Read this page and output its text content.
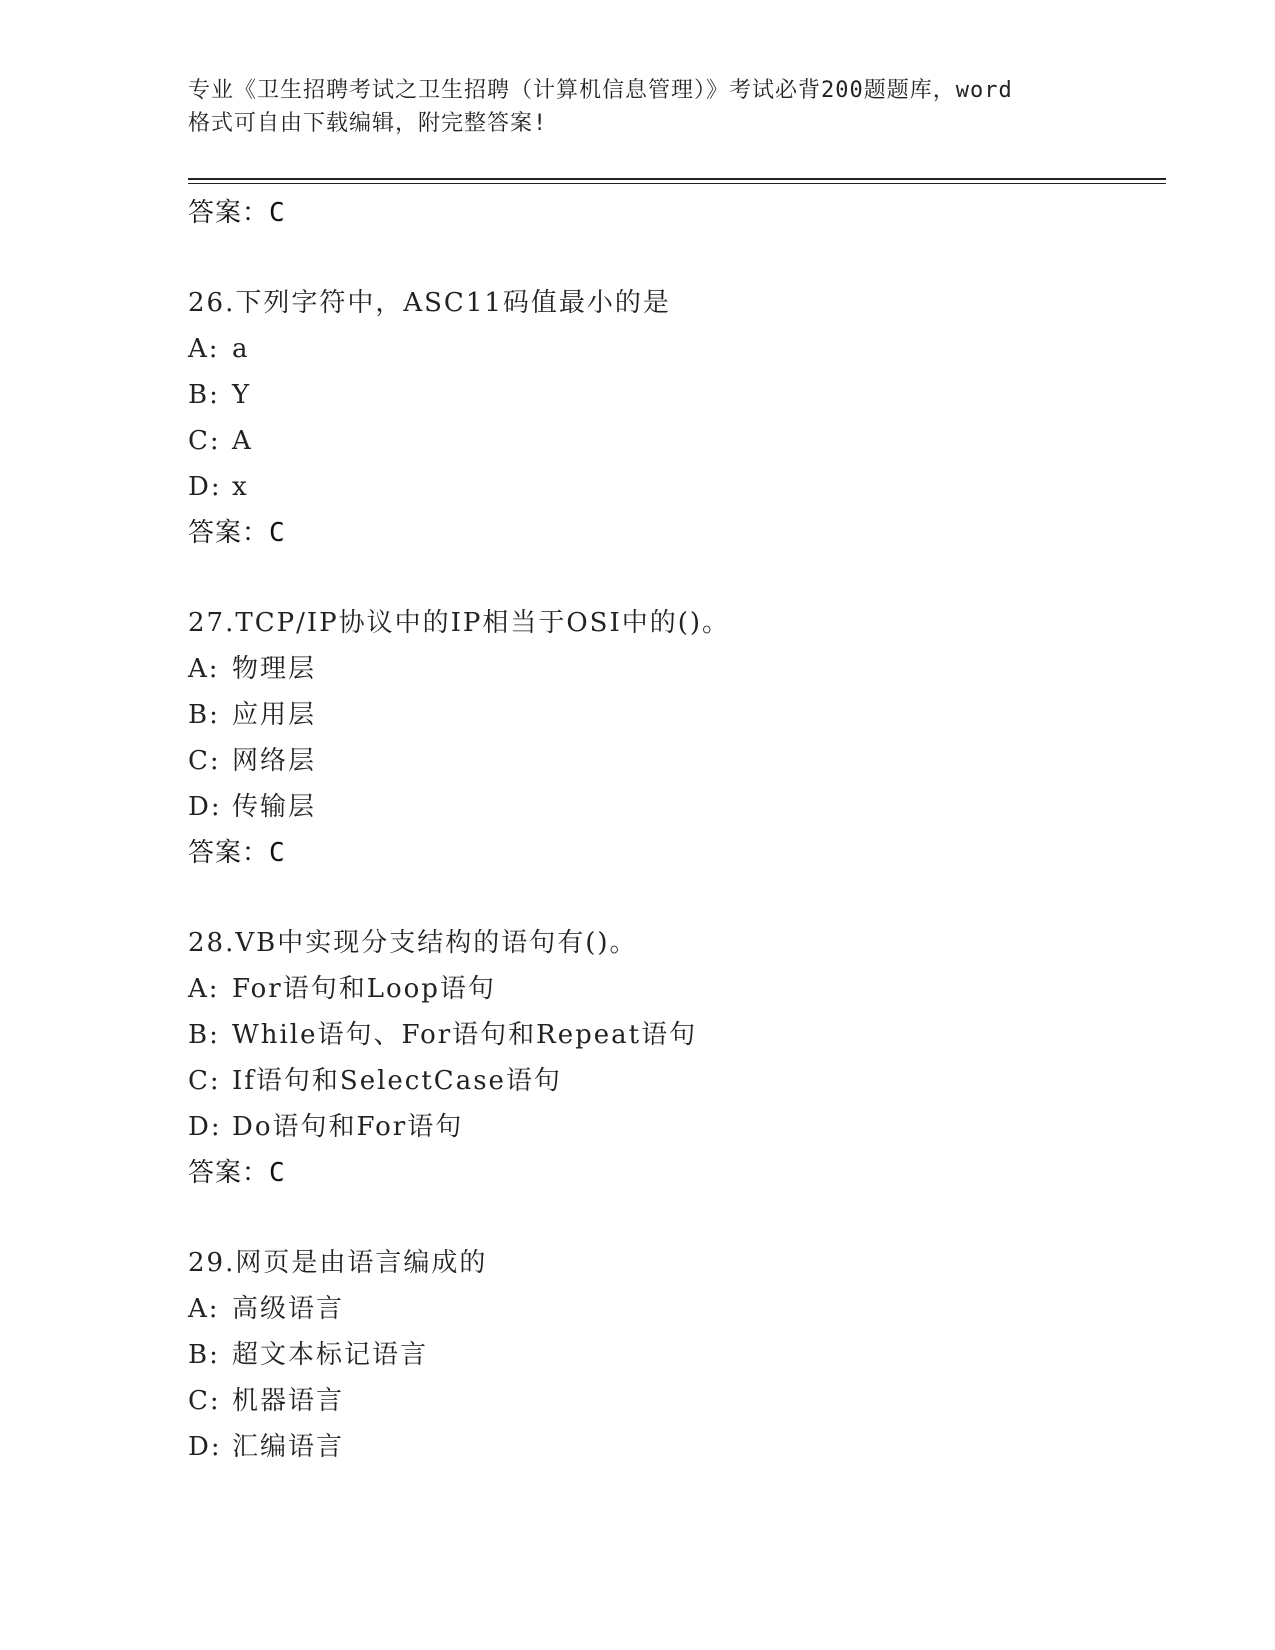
专业《卫生招聘考试之卫生招聘（计算机信息管理）》考试必背200题题库，word
格式可自由下载编辑，附完整答案!
答案：C
26.下列字符中，ASC11码值最小的是
A: a
B: Y
C: A
D: x
答案：C
27.TCP/IP协议中的IP相当于OSI中的()。
A: 物理层
B: 应用层
C: 网络层
D: 传输层
答案：C
28.VB中实现分支结构的语句有()。
A: For语句和Loop语句
B: While语句、For语句和Repeat语句
C: If语句和SelectCase语句
D: Do语句和For语句
答案：C
29.网页是由语言编成的
A: 高级语言
B: 超文本标记语言
C: 机器语言
D: 汇编语言
